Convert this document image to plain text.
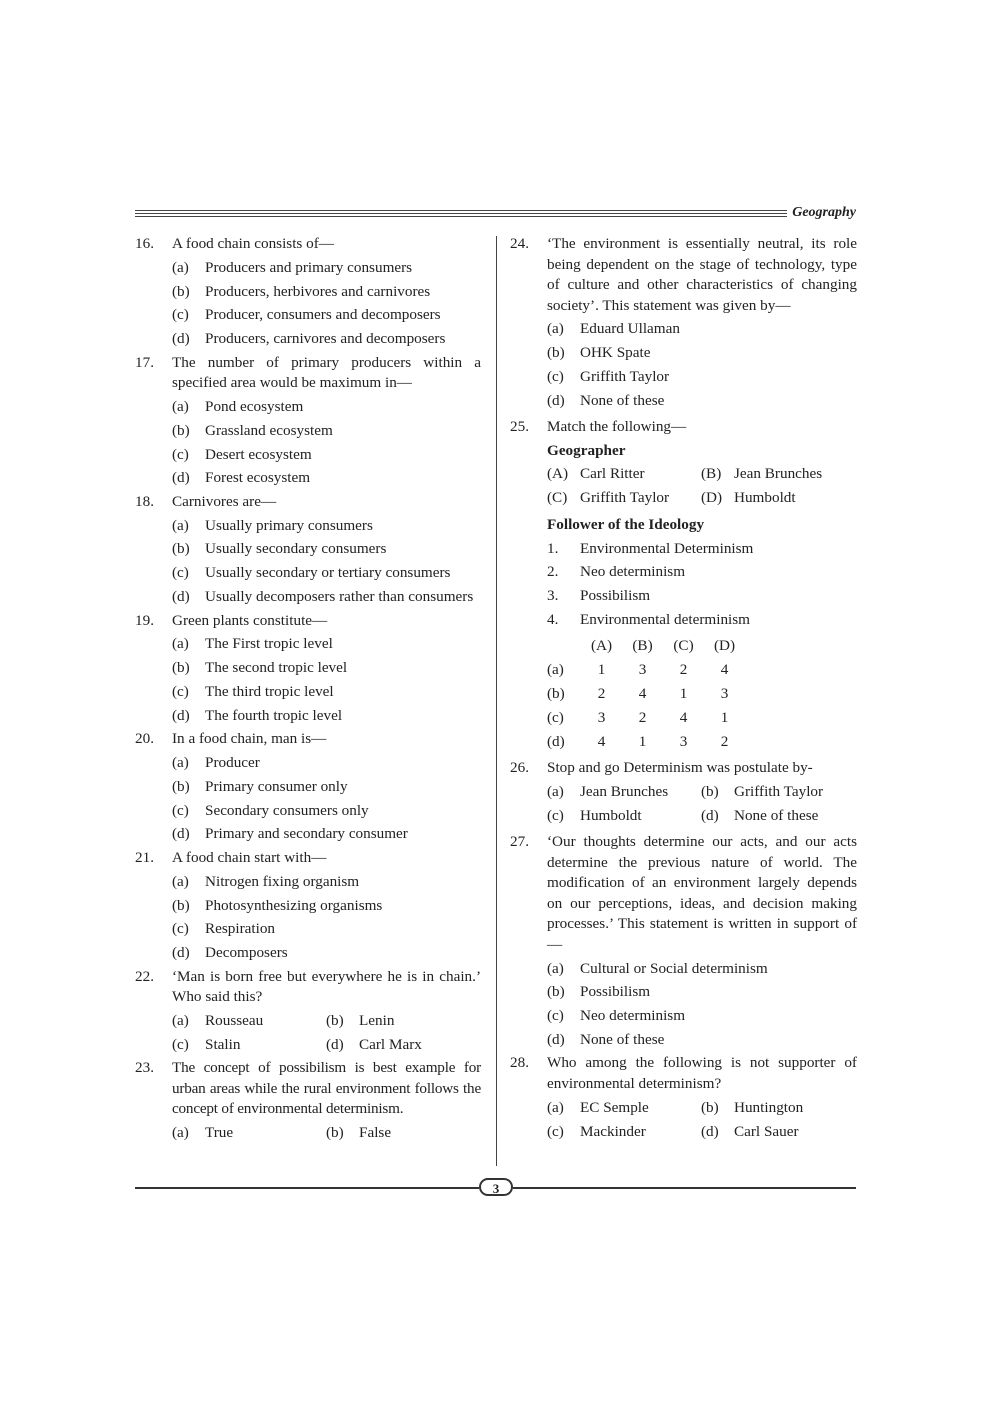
Geography
16.	A food chain consists of—
(a)	Producers and primary consumers
(b)	Producers, herbivores and carnivores
(c)	Producer, consumers and decomposers
(d)	Producers, carnivores and decomposers
17.	The number of primary producers within a specified area would be maximum in—
(a)	Pond ecosystem
(b)	Grassland ecosystem
(c)	Desert ecosystem
(d)	Forest ecosystem
18.	Carnivores are—
(a)	Usually primary consumers
(b)	Usually secondary consumers
(c)	Usually secondary or tertiary consumers
(d)	Usually decomposers rather than consumers
19.	Green plants constitute—
(a)	The First tropic level
(b)	The second tropic level
(c)	The third tropic level
(d)	The fourth tropic level
20.	In a food chain, man is—
(a)	Producer
(b)	Primary consumer only
(c)	Secondary consumers only
(d)	Primary and secondary consumer
21.	A food chain start with—
(a)	Nitrogen fixing organism
(b)	Photosynthesizing organisms
(c)	Respiration
(d)	Decomposers
22.	‘Man is born free but everywhere he is in chain.’ Who said this?
(a)	Rousseau	(b)	Lenin
(c)	Stalin	(d)	Carl Marx
23.	The concept of possibilism is best example for urban areas while the rural environment follows the concept of environmental determinism.
(a)	True	(b)	False
24.	‘The environment is essentially neutral, its role being dependent on the stage of technology, type of culture and other characteristics of changing society’. This statement was given by—
(a)	Eduard Ullaman
(b)	OHK Spate
(c)	Griffith Taylor
(d)	None of these
25.	Match the following—
Geographer
(A) Carl Ritter	(B) Jean Brunches
(C) Griffith Taylor	(D) Humboldt
Follower of the Ideology
1.	Environmental Determinism
2.	Neo determinism
3.	Possibilism
4.	Environmental determinism
(A)	(B)	(C)	(D)
(a)	1	3	2	4
(b)	2	4	1	3
(c)	3	2	4	1
(d)	4	1	3	2
26.	Stop and go Determinism was postulate by-
(a)	Jean Brunches	(b)	Griffith Taylor
(c)	Humboldt	(d)	None of these
27.	‘Our thoughts determine our acts, and our acts determine the previous nature of world. The modification of an environment largely depends on our perceptions, ideas, and decision making processes.’ This statement is written in support of —
(a)	Cultural or Social determinism
(b)	Possibilism
(c)	Neo determinism
(d)	None of these
28.	Who among the following is not supporter of environmental determinism?
(a)	EC Semple	(b)	Huntington
(c)	Mackinder	(d)	Carl Sauer
3
